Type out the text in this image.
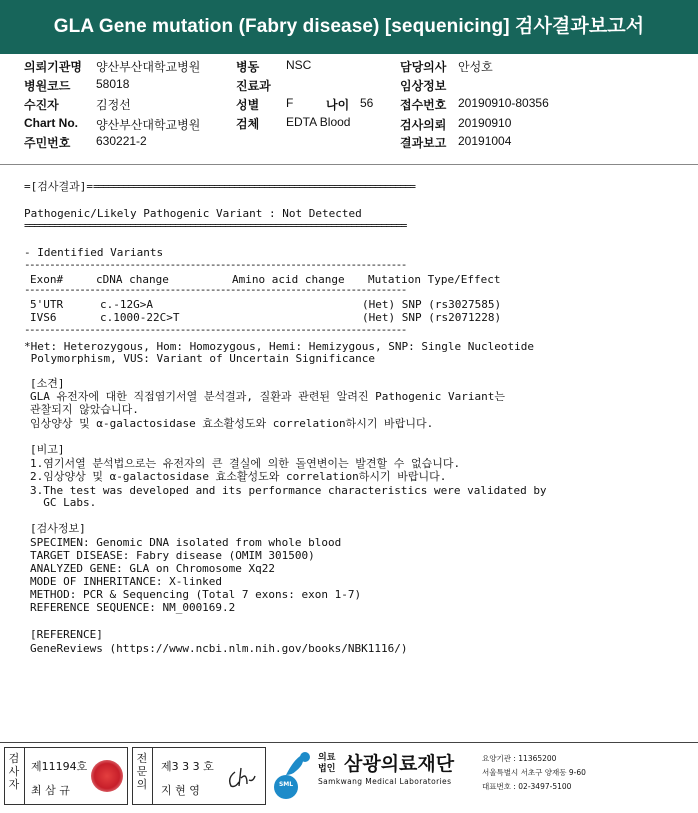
GLA Gene mutation (Fabry disease) [sequenicing] 검사결과보고서
의뢰기관명 양산부산대학교병원
병원코드 58018
수진자	김정선
Chart No. 양산부산대학교병원
주민번호 630221-2
병동 NSC
진료과
성별 F	나이 56
검체 EDTA Blood
담당의사 안성호
임상정보
접수번호 20190910-80356
검사의뢰 20190910
결과보고 20191004
=[검사결과]=================================================================
Pathogenic/Likely Pathogenic Variant : Not Detected
============================================================================
- Identified Variants
----------------------------------------------------------------------------
Exon#	cDNA change	Amino acid change Mutation Type/Effect
----------------------------------------------------------------------------
5'UTR	c.-12G>A	(Het) SNP (rs3027585)
IVS6	c.1000-22C>T	(Het) SNP (rs2071228)
----------------------------------------------------------------------------
*Het: Heterozygous, Hom: Homozygous, Hemi: Hemizygous, SNP: Single Nucleotide
Polymorphism, VUS: Variant of Uncertain Significance
[소견]
GLA 유전자에 대한 직접염기서열 분석결과, 질환과 관련된 알려진 Pathogenic Variant는
관찰되지 않았습니다.
임상양상 및 α-galactosidase 효소활성도와 correlation하시기 바랍니다.
[비고]
1.염기서열 분석법으로는 유전자의 큰 결실에 의한 돌연변이는 발견할 수 없습니다.
2.임상양상 및 α-galactosidase 효소활성도와 correlation하시기 바랍니다.
3.The test was developed and its performance characteristics were validated by
GC Labs.
[검사정보]
SPECIMEN: Genomic DNA isolated from whole blood
TARGET DISEASE: Fabry disease (OMIM 301500)
ANALYZED GENE: GLA on Chromosome Xq22
MODE OF INHERITANCE: X-linked
METHOD: PCR & Sequencing (Total 7 exons: exon 1-7)
REFERENCE SEQUENCE: NM_000169.2
[REFERENCE]
GeneReviews (https://www.ncbi.nlm.nih.gov/books/NBK1116/)
검사자
제11194호
최 삼 규
전문의
제3 3 3 호
지 현 영	SML
의료법인 삼광의료재단
Samkwang Medical Laboratories
요양기관 : 11365200
서울특별시 서초구 양재동 9-60
대표번호 : 02-3497-5100
